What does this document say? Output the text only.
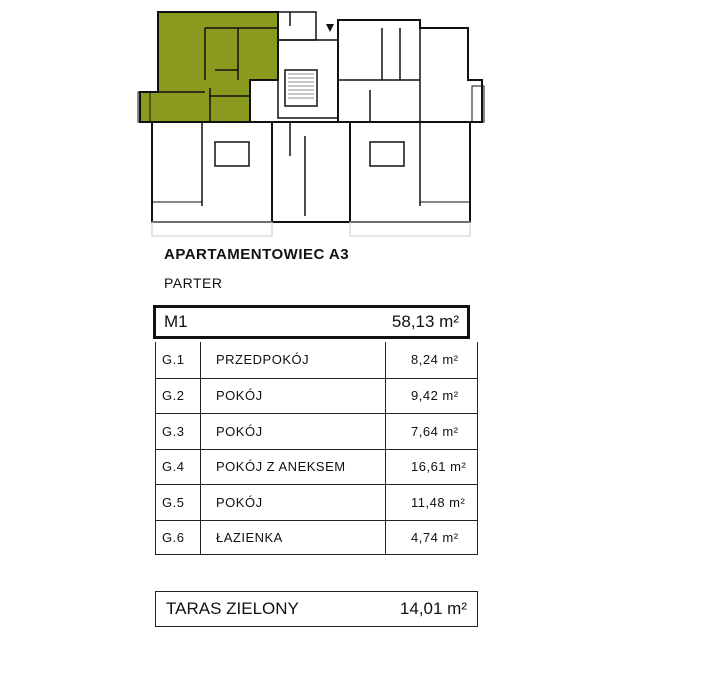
APARTAMENTOWIEC A3
PARTER
M1	58,13 m²
G.1	PRZEDPOKÓJ	8,24 m²
G.2	POKÓJ	9,42 m²
G.3	POKÓJ	7,64 m²
G.4	POKÓJ Z ANEKSEM	16,61 m²
G.5	POKÓJ	11,48 m²
G.6	ŁAZIENKA	4,74 m²
TARAS ZIELONY	14,01 m²
